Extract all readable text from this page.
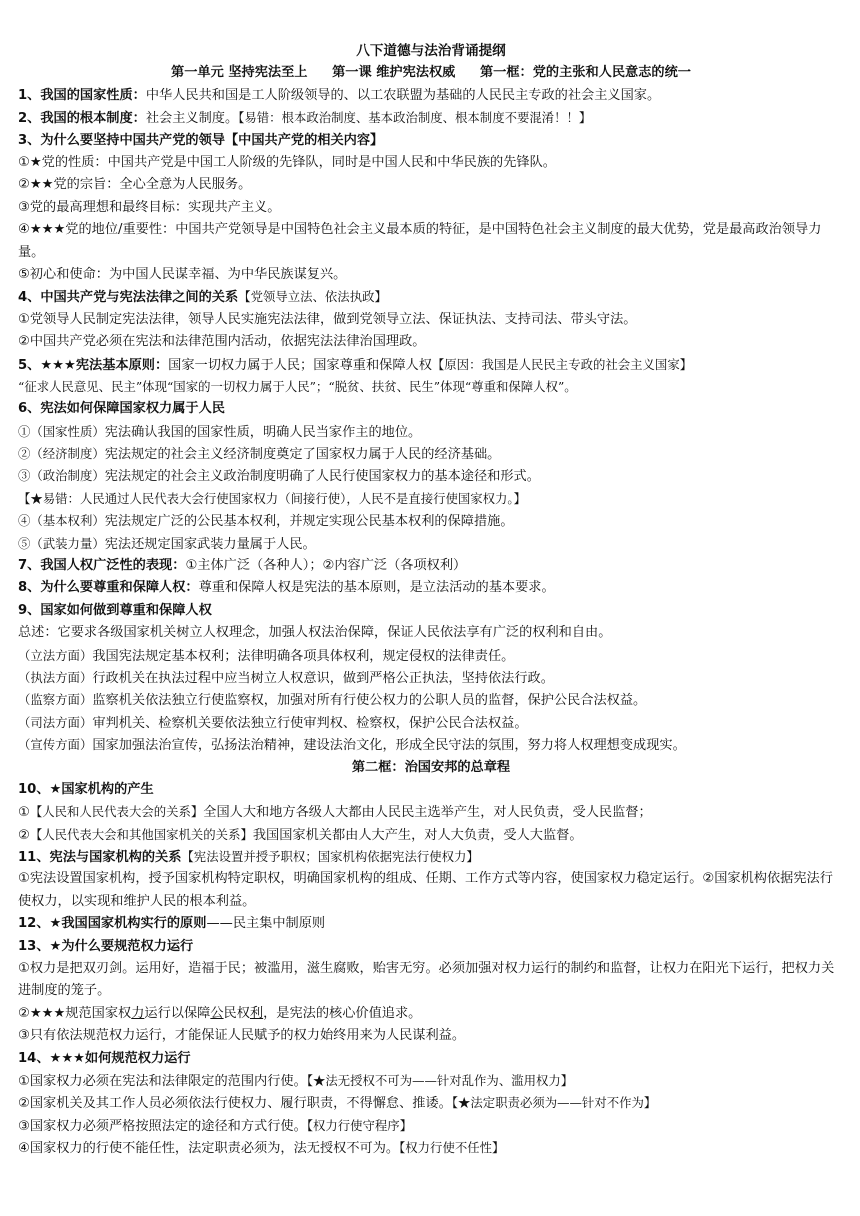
八下道德与法治背诵提纲
第一单元 坚持宪法至上 第一课 维护宪法权威 第一框：党的主张和人民意志的统一
1、我国的国家性质：中华人民共和国是工人阶级领导的、以工农联盟为基础的人民民主专政的社会主义国家。
2、我国的根本制度：社会主义制度。【易错：根本政治制度、基本政治制度、根本制度不要混淆！！】
3、为什么要坚持中国共产党的领导【中国共产党的相关内容】
①★党的性质：中国共产党是中国工人阶级的先锋队，同时是中国人民和中华民族的先锋队。
②★★党的宗旨：全心全意为人民服务。
③党的最高理想和最终目标：实现共产主义。
④★★★党的地位/重要性：中国共产党领导是中国特色社会主义最本质的特征，是中国特色社会主义制度的最大优势，党是最高政治领导力量。
⑤初心和使命：为中国人民谋幸福、为中华民族谋复兴。
4、中国共产党与宪法法律之间的关系【党领导立法、依法执政】
①党领导人民制定宪法法律，领导人民实施宪法法律，做到党领导立法、保证执法、支持司法、带头守法。
②中国共产党必须在宪法和法律范围内活动，依据宪法法律治国理政。
5、★★★宪法基本原则：国家一切权力属于人民；国家尊重和保障人权【原因：我国是人民民主专政的社会主义国家】
“征求人民意见、民主”体现“国家的一切权力属于人民”；“脱贫、扶贫、民生”体现“尊重和保障人权”。
6、宪法如何保障国家权力属于人民
①（国家性质）宪法确认我国的国家性质，明确人民当家作主的地位。
②（经济制度）宪法规定的社会主义经济制度奠定了国家权力属于人民的经济基础。
③（政治制度）宪法规定的社会主义政治制度明确了人民行使国家权力的基本途径和形式。
【★易错：人民通过人民代表大会行使国家权力（间接行使），人民不是直接行使国家权力。】
④（基本权利）宪法规定广泛的公民基本权利，并规定实现公民基本权利的保障措施。
⑤（武装力量）宪法还规定国家武装力量属于人民。
7、我国人权广泛性的表现：①主体广泛（各种人）；②内容广泛（各项权利）
8、为什么要尊重和保障人权：尊重和保障人权是宪法的基本原则，是立法活动的基本要求。
9、国家如何做到尊重和保障人权
总述：它要求各级国家机关树立人权理念，加强人权法治保障，保证人民依法享有广泛的权利和自由。
（立法方面）我国宪法规定基本权利；法律明确各项具体权利，规定侵权的法律责任。
（执法方面）行政机关在执法过程中应当树立人权意识，做到严格公正执法，坚持依法行政。
（监察方面）监察机关依法独立行使监察权，加强对所有行使公权力的公职人员的监督，保护公民合法权益。
（司法方面）审判机关、检察机关要依法独立行使审判权、检察权，保护公民合法权益。
（宣传方面）国家加强法治宣传，弘扬法治精神，建设法治文化，形成全民守法的氛围，努力将人权理想变成现实。
第二框：治国安邦的总章程
10、★国家机构的产生
①【人民和人民代表大会的关系】全国人大和地方各级人大都由人民民主选举产生，对人民负责，受人民监督；
②【人民代表大会和其他国家机关的关系】我国国家机关都由人大产生，对人大负责，受人大监督。
11、宪法与国家机构的关系【宪法设置并授予职权；国家机构依据宪法行使权力】
①宪法设置国家机构，授予国家机构特定职权，明确国家机构的组成、任期、工作方式等内容，使国家权力稳定运行。②国家机构依据宪法行使权力，以实现和维护人民的根本利益。
12、★我国国家机构实行的原则——民主集中制原则
13、★为什么要规范权力运行
①权力是把双刃剑。运用好，造福于民；被滥用，滋生腐败，贻害无穷。必须加强对权力运行的制约和监督，让权力在阳光下运行，把权力关进制度的笼子。
②★★★规范国家权力运行以保障公民权利，是宪法的核心价值追求。
③只有依法规范权力运行，才能保证人民赋予的权力始终用来为人民谋利益。
14、★★★如何规范权力运行
①国家权力必须在宪法和法律限定的范围内行使。【★法无授权不可为——针对乱作为、滥用权力】
②国家机关及其工作人员必须依法行使权力、履行职责，不得懈怠、推诿。【★法定职责必须为——针对不作为】
③国家权力必须严格按照法定的途径和方式行使。【权力行使守程序】
④国家权力的行使不能任性，法定职责必须为，法无授权不可为。【权力行使不任性】
